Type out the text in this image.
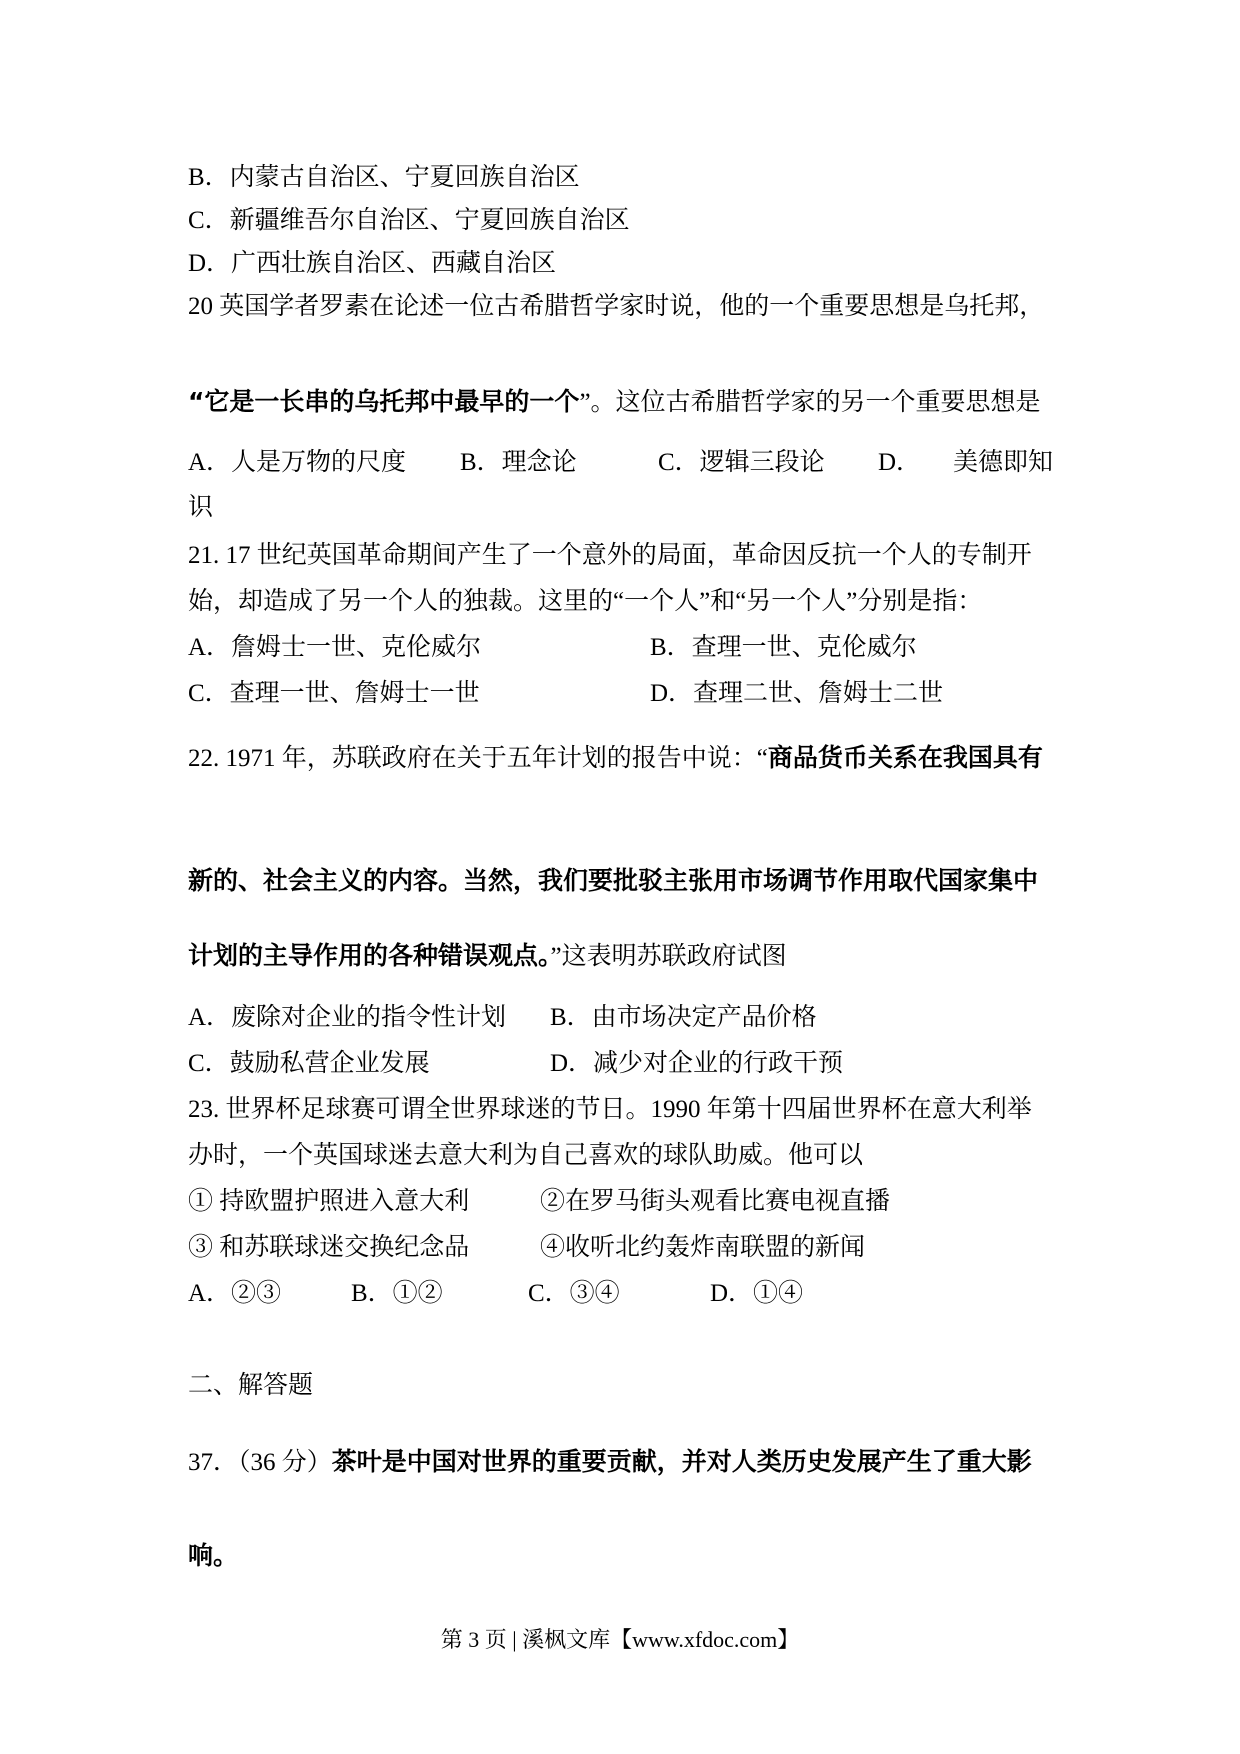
B．内蒙古自治区、宁夏回族自治区

C．新疆维吾尔自治区、宁夏回族自治区

D．广西壮族自治区、西藏自治区

20 英国学者罗素在论述一位古希腊哲学家时说，他的一个重要思想是乌托邦，

“它是一长串的乌托邦中最早的一个”。这位古希腊哲学家的另一个重要思想是

A．人是万物的尺度 B．理念论	C．逻辑三段论 D． 美德即知

识

21. 17 世纪英国革命期间产生了一个意外的局面，革命因反抗一个人的专制开

始，却造成了另一个人的独裁。这里的“一个人”和“另一个人”分别是指：

A．詹姆士一世、克伦威尔	B．查理一世、克伦威尔

C．查理一世、詹姆士一世	D．查理二世、詹姆士二世

22. 1971 年，苏联政府在关于五年计划的报告中说：“商品货币关系在我国具有

新的、社会主义的内容。当然，我们要批驳主张用市场调节作用取代国家集中

计划的主导作用的各种错误观点。”这表明苏联政府试图

A．废除对企业的指令性计划 B．由市场决定产品价格

C．鼓励私营企业发展	D．减少对企业的行政干预

23. 世界杯足球赛可谓全世界球迷的节日。1990 年第十四届世界杯在意大利举

办时，一个英国球迷去意大利为自己喜欢的球队助威。他可以

① 持欧盟护照进入意大利	②在罗马街头观看比赛电视直播

③ 和苏联球迷交换纪念品	④收听北约轰炸南联盟的新闻

A．②③	B．①②	C．③④	D．①④

二、解答题

37．（36 分）茶叶是中国对世界的重要贡献，并对人类历史发展产生了重大影

响。

第 3 页 | 溪枫文库【www.xfdoc.com】
